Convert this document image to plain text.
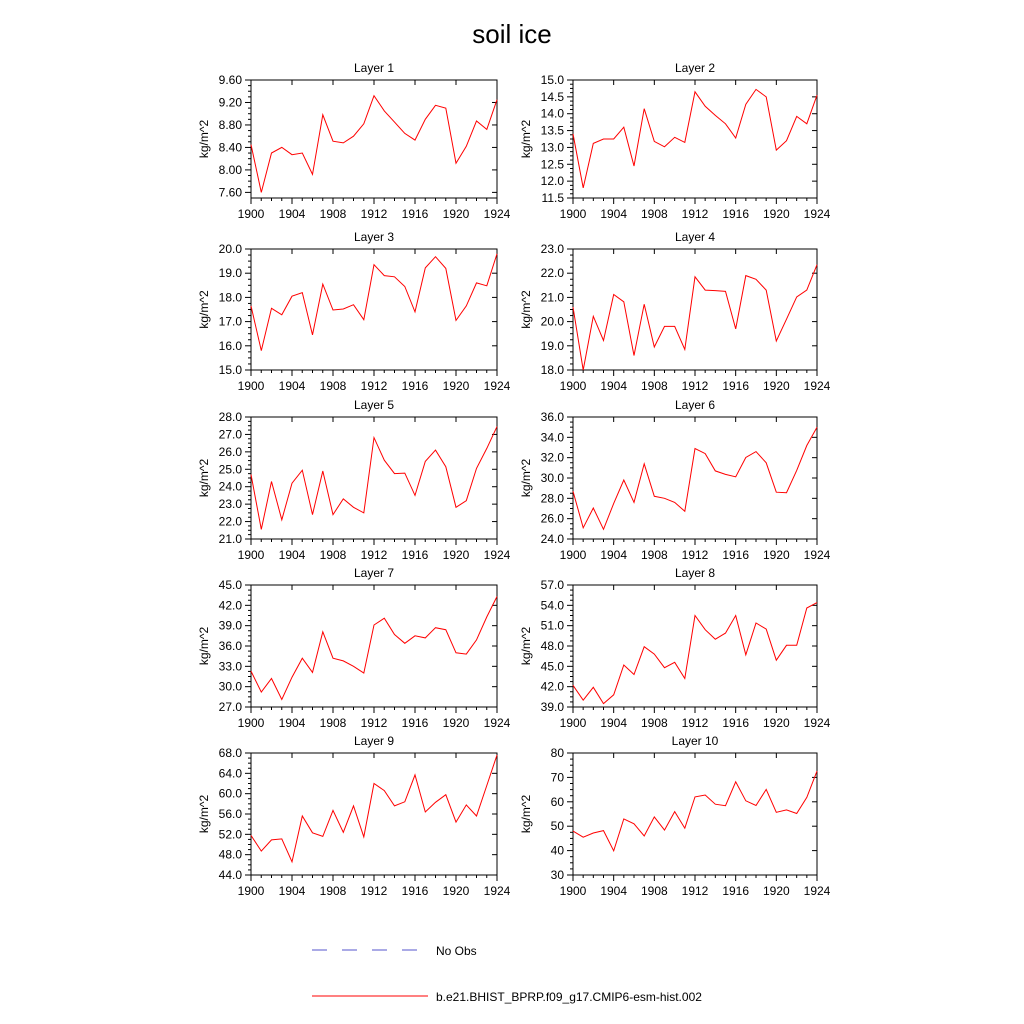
soil ice
Layer 1
kg/m^2
7.60
8.00
8.40
8.80
9.20
9.60
1900 1904 1908 1912 1916 1920 1924
Layer 2
kg/m^2
11.5
12.0
12.5
13.0
13.5
14.0
14.5
15.0
1900 1904 1908 1912 1916 1920 1924
Layer 3
kg/m^2
15.0
16.0
17.0
18.0
19.0
20.0
1900 1904 1908 1912 1916 1920 1924
Layer 4
kg/m^2
18.0
19.0
20.0
21.0
22.0
23.0
1900 1904 1908 1912 1916 1920 1924
Layer 5
kg/m^2
21.0
22.0
23.0
24.0
25.0
26.0
27.0
28.0
1900 1904 1908 1912 1916 1920 1924
Layer 6
kg/m^2
24.0
26.0
28.0
30.0
32.0
34.0
36.0
1900 1904 1908 1912 1916 1920 1924
Layer 7
kg/m^2
27.0
30.0
33.0
36.0
39.0
42.0
45.0
1900 1904 1908 1912 1916 1920 1924
Layer 8
kg/m^2
39.0
42.0
45.0
48.0
51.0
54.0
57.0
1900 1904 1908 1912 1916 1920 1924
Layer 9
kg/m^2
44.0
48.0
52.0
56.0
60.0
64.0
68.0
1900 1904 1908 1912 1916 1920 1924
Layer 10
kg/m^2
30
40
50
60
70
80
1900 1904 1908 1912 1916 1920 1924
No Obs
b.e21.BHIST_BPRP.f09_g17.CMIP6-esm-hist.002
